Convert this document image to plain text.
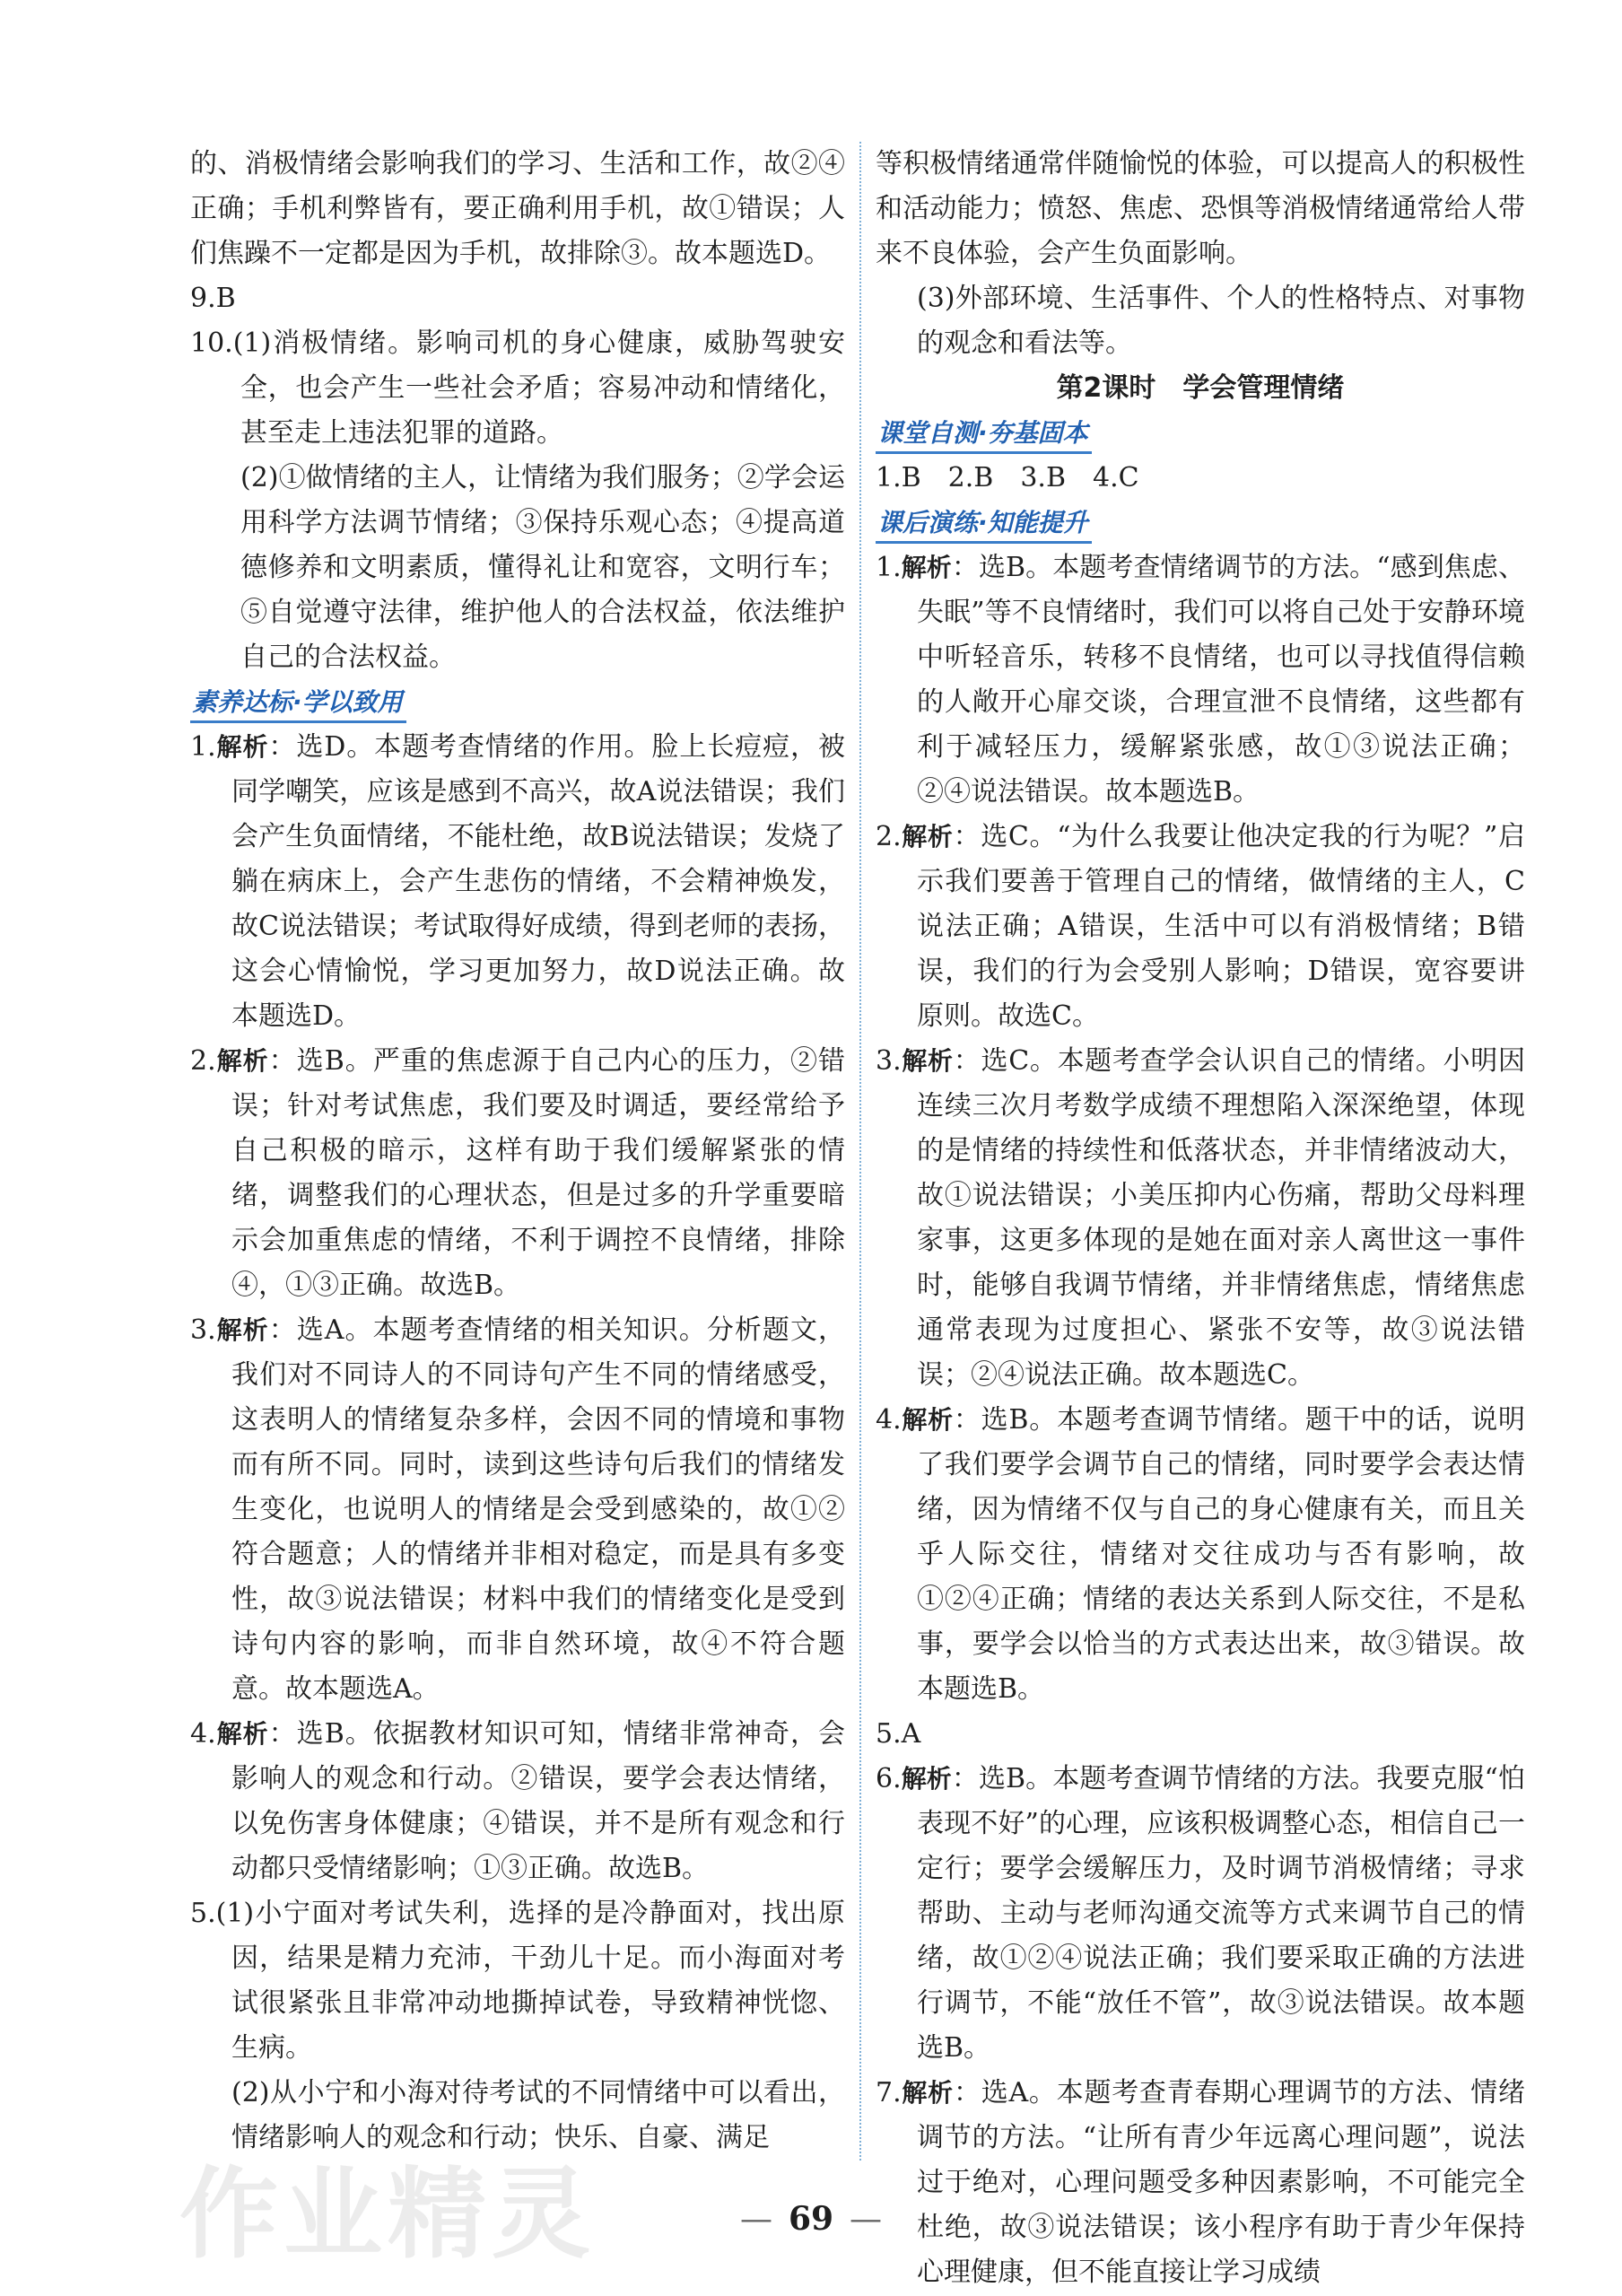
的、消极情绪会影响我们的学习、生活和工作，故②④正确；手机利弊皆有，要正确利用手机，故①错误；人们焦躁不一定都是因为手机，故排除③。故本题选D。

9.B

10.(1)消极情绪。影响司机的身心健康，威胁驾驶安全，也会产生一些社会矛盾；容易冲动和情绪化，甚至走上违法犯罪的道路。

(2)①做情绪的主人，让情绪为我们服务；②学会运用科学方法调节情绪；③保持乐观心态；④提高道德修养和文明素质，懂得礼让和宽容，文明行车；⑤自觉遵守法律，维护他人的合法权益，依法维护自己的合法权益。

素养达标·学以致用

1.解析：选D。本题考查情绪的作用。脸上长痘痘，被同学嘲笑，应该是感到不高兴，故A说法错误；我们会产生负面情绪，不能杜绝，故B说法错误；发烧了躺在病床上，会产生悲伤的情绪，不会精神焕发，故C说法错误；考试取得好成绩，得到老师的表扬，这会心情愉悦，学习更加努力，故D说法正确。故本题选D。

2.解析：选B。严重的焦虑源于自己内心的压力，②错误；针对考试焦虑，我们要及时调适，要经常给予自己积极的暗示，这样有助于我们缓解紧张的情绪，调整我们的心理状态，但是过多的升学重要暗示会加重焦虑的情绪，不利于调控不良情绪，排除④，①③正确。故选B。

3.解析：选A。本题考查情绪的相关知识。分析题文，我们对不同诗人的不同诗句产生不同的情绪感受，这表明人的情绪复杂多样，会因不同的情境和事物而有所不同。同时，读到这些诗句后我们的情绪发生变化，也说明人的情绪是会受到感染的，故①②符合题意；人的情绪并非相对稳定，而是具有多变性，故③说法错误；材料中我们的情绪变化是受到诗句内容的影响，而非自然环境，故④不符合题意。故本题选A。

4.解析：选B。依据教材知识可知，情绪非常神奇，会影响人的观念和行动。②错误，要学会表达情绪，以免伤害身体健康；④错误，并不是所有观念和行动都只受情绪影响；①③正确。故选B。

5.(1)小宁面对考试失利，选择的是冷静面对，找出原因，结果是精力充沛，干劲儿十足。而小海面对考试很紧张且非常冲动地撕掉试卷，导致精神恍惚、生病。

(2)从小宁和小海对待考试的不同情绪中可以看出，情绪影响人的观念和行动；快乐、自豪、满足

等积极情绪通常伴随愉悦的体验，可以提高人的积极性和活动能力；愤怒、焦虑、恐惧等消极情绪通常给人带来不良体验，会产生负面影响。

(3)外部环境、生活事件、个人的性格特点、对事物的观念和看法等。

第2课时　学会管理情绪
课堂自测·夯基固本

1.B　2.B　3.B　4.C

课后演练·知能提升

1.解析：选B。本题考查情绪调节的方法。“感到焦虑、失眠”等不良情绪时，我们可以将自己处于安静环境中听轻音乐，转移不良情绪，也可以寻找值得信赖的人敞开心扉交谈，合理宣泄不良情绪，这些都有利于减轻压力，缓解紧张感，故①③说法正确；②④说法错误。故本题选B。

2.解析：选C。“为什么我要让他决定我的行为呢？”启示我们要善于管理自己的情绪，做情绪的主人，C说法正确；A错误，生活中可以有消极情绪；B错误，我们的行为会受别人影响；D错误，宽容要讲原则。故选C。

3.解析：选C。本题考查学会认识自己的情绪。小明因连续三次月考数学成绩不理想陷入深深绝望，体现的是情绪的持续性和低落状态，并非情绪波动大，故①说法错误；小美压抑内心伤痛，帮助父母料理家事，这更多体现的是她在面对亲人离世这一事件时，能够自我调节情绪，并非情绪焦虑，情绪焦虑通常表现为过度担心、紧张不安等，故③说法错误；②④说法正确。故本题选C。

4.解析：选B。本题考查调节情绪。题干中的话，说明了我们要学会调节自己的情绪，同时要学会表达情绪，因为情绪不仅与自己的身心健康有关，而且关乎人际交往，情绪对交往成功与否有影响，故①②④正确；情绪的表达关系到人际交往，不是私事，要学会以恰当的方式表达出来，故③错误。故本题选B。

5.A

6.解析：选B。本题考查调节情绪的方法。我要克服“怕表现不好”的心理，应该积极调整心态，相信自己一定行；要学会缓解压力，及时调节消极情绪；寻求帮助、主动与老师沟通交流等方式来调节自己的情绪，故①②④说法正确；我们要采取正确的方法进行调节，不能“放任不管”，故③说法错误。故本题选B。

7.解析：选A。本题考查青春期心理调节的方法、情绪调节的方法。“让所有青少年远离心理问题”，说法过于绝对，心理问题受多种因素影响，不可能完全杜绝，故③说法错误；该小程序有助于青少年保持心理健康，但不能直接让学习成绩

作业精灵	— 69 —
